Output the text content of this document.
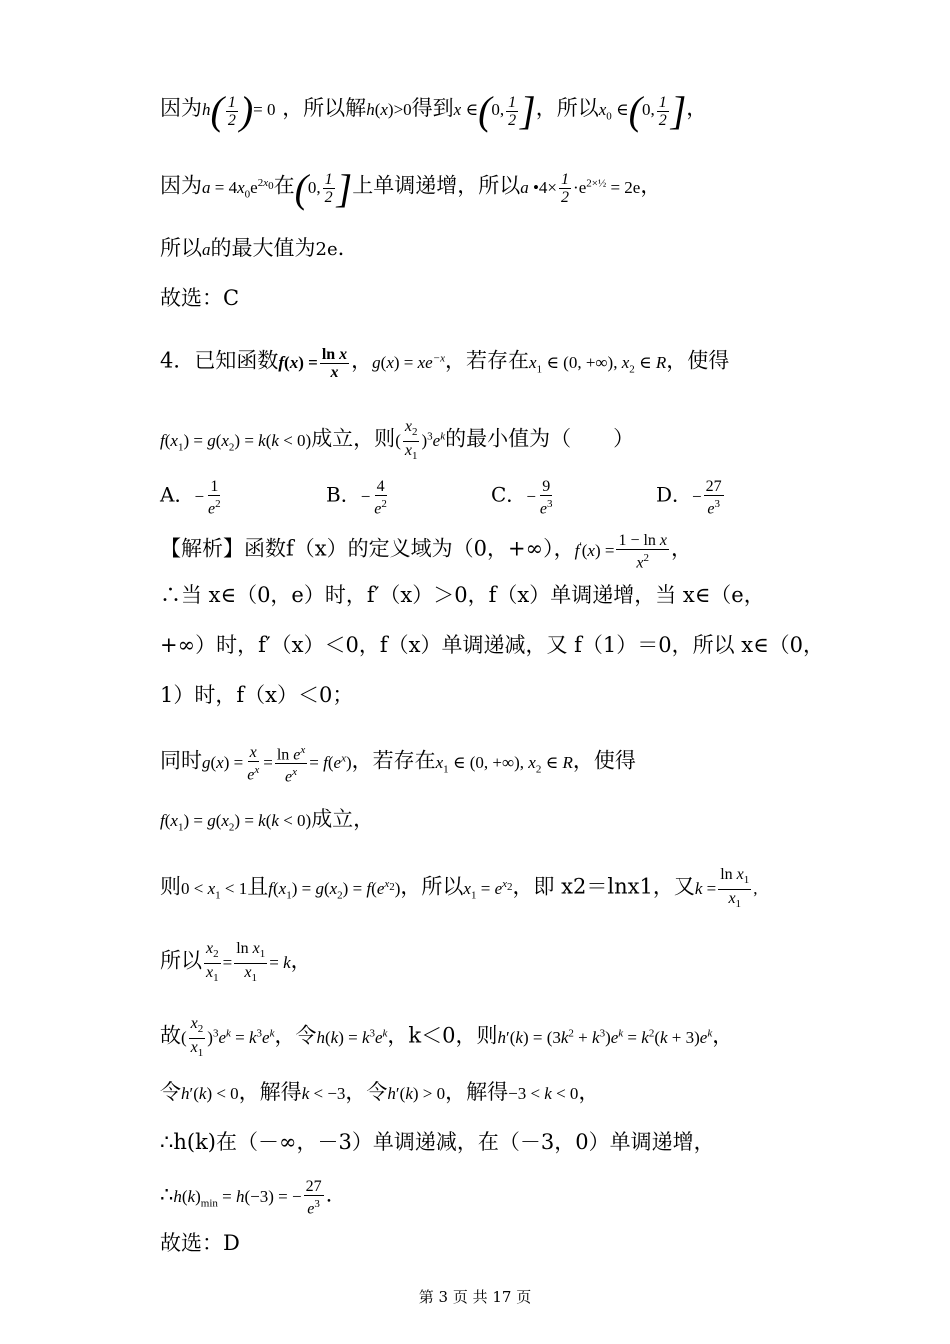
因为$h( \frac{1}{2}$ )= 0 ，所以解h(x)>0得到x ∈(0, $\frac{1}{2}$ ]，所以$x_0$ ∈(0, $\frac{1}{2}$ ]，
因为$a = 4x_0e^{2x_0}$在(0, $\frac{1}{2}$ ]上单调递增，所以a •4× $\frac{1}{2} \cdot e^{2\times\frac{1}{2}} = 2e$，
所以a的最大值为2e.
故选：C
4．已知函数$f(x) = \frac{\text{ln x}}{x}$ ，$g(x) = xe^{-x}$，若存在$x_1$ ∈ (0, +∞), $x_2$ ∈ R，使得
$f(x_1) = g(x_2) = k(k < 0)$成立，则( $\frac{x_2}{x_1} )^3e^k$的最小值为（　　）
A．− $\frac{1}{e^2}$	B．− $\frac{4}{e^2}$	C．− $\frac{9}{e^3}$	D．− $\frac{27}{e^3}$
【解析】函数f（x）的定义域为（0，+∞），$f'(x) = \frac{\text{1 − ln x}}{x^2}$ ，
∴当 x∈（0，e）时，f′（x）＞0，f（x）单调递增，当 x∈（e，
+∞）时，f′（x）＜0，f（x）单调递减，又 f（1）＝0，所以 x∈（0，
1）时，f（x）＜0；
同时$g(x) = \frac{x}{e^x} = \frac{\ln e^x}{e^x} = f(e^x)$，若存在$x_1$ ∈ (0, +∞), $x_2$ ∈ R，使得
$f(x_1) = g(x_2) = k(k < 0)$成立，
则$0 < x_1 < 1$且$f(x_1) = g(x_2) = f(e^{x_2})$，所以$x_1 = e^{x_2}$，即 x2＝lnx1，又$k = \frac{\ln x_1}{x_1}$ ,
所以 $\frac{x_2}{x_1} = \frac{\ln x_1}{x_1} = k$，
故( $\frac{x_2}{x_1} )^3e^k = k^3e^k$，令$h(k) = k^3e^k$，k＜0，则$h'(k) = (3k^2 + k^3)e^k = k^2(k + 3)e^k$，
令h′(k) < 0，解得k < −3，令h′(k) > 0，解得−3 < k < 0，
∴h(k)在（－∞，－3）单调递减，在（－3，0）单调递增，
$\therefore h(k)_{min} = h(-3)$ = − $\frac{27}{e^3}$ .
故选：D
第 3 页 共 17 页
